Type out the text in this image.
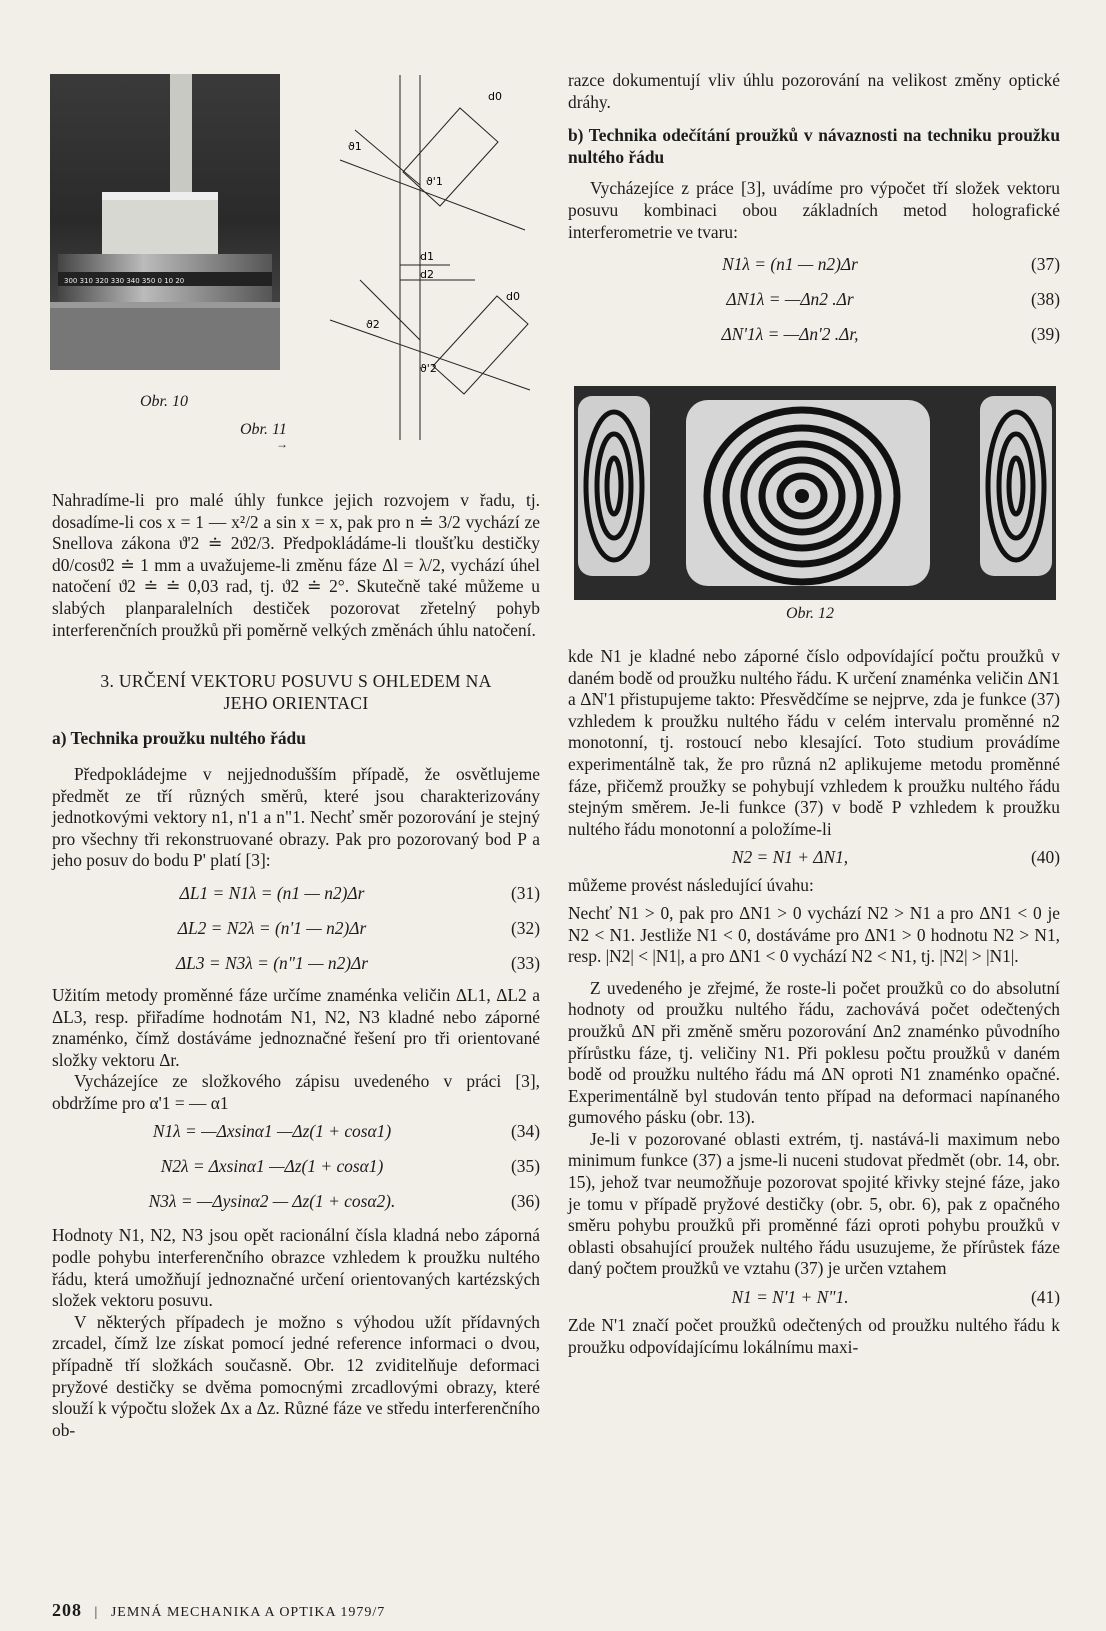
300 310 320 330 340 350 0 10 20
d0
ϑ1
ϑ'1
d1
d2
d0
ϑ2
ϑ'2
Obr. 10
Obr. 11
→
Obr. 12

Nahradíme-li pro malé úhly funkce jejich rozvojem v řadu, tj. dosadíme-li cos x = 1 — x²/2 a sin x = x, pak pro n ≐ 3/2 vychází ze Snellova zákona ϑ'2 ≐ 2ϑ2/3. Předpokládáme-li tloušťku destičky d0/cosϑ2 ≐ 1 mm a uvažujeme-li změnu fáze Δl = λ/2, vychází úhel natočení ϑ2 ≐ ≐ 0,03 rad, tj. ϑ2 ≐ 2°. Skutečně také můžeme u slabých planparalelních destiček pozorovat zřetelný pohyb interferenčních proužků při poměrně velkých změnách úhlu natočení.

3. URČENÍ VEKTORU POSUVU S OHLEDEM NA

JEHO ORIENTACI

a) Technika proužku nultého řádu

Předpokládejme v nejjednodušším případě, že osvětlujeme předmět ze tří různých směrů, které jsou charakterizovány jednotkovými vektory n1, n'1 a n"1. Nechť směr pozorování je stejný pro všechny tři rekonstruované obrazy. Pak pro pozorovaný bod P a jeho posuv do bodu P' platí [3]:

ΔL1 = N1λ = (n1 — n2)Δr	(31)
ΔL2 = N2λ = (n'1 — n2)Δr	(32)
ΔL3 = N3λ = (n"1 — n2)Δr	(33)

Užitím metody proměnné fáze určíme znaménka veličin ΔL1, ΔL2 a ΔL3, resp. přiřadíme hodnotám N1, N2, N3 kladné nebo záporné znaménko, čímž dostáváme jednoznačné řešení pro tři orientované složky vektoru Δr.

Vycházejíce ze složkového zápisu uvedeného v práci [3], obdržíme pro α'1 = — α1

N1λ = —Δxsinα1 —Δz(1 + cosα1)	(34)
N2λ = Δxsinα1 —Δz(1 + cosα1)	(35)
N3λ = —Δysinα2 — Δz(1 + cosα2).	(36)

Hodnoty N1, N2, N3 jsou opět racionální čísla kladná nebo záporná podle pohybu interferenčního obrazce vzhledem k proužku nultého řádu, která umožňují jednoznačné určení orientovaných kartézských složek vektoru posuvu.

V některých případech je možno s výhodou užít přídavných zrcadel, čímž lze získat pomocí jedné reference informaci o dvou, případně tří složkách současně. Obr. 12 zviditelňuje deformaci pryžové destičky se dvěma pomocnými zrcadlovými obrazy, které slouží k výpočtu složek Δx a Δz. Různé fáze ve středu interferenčního ob-

razce dokumentují vliv úhlu pozorování na velikost změny optické dráhy.

b) Technika odečítání proužků v návaznosti na techniku proužku nultého řádu

Vycházejíce z práce [3], uvádíme pro výpočet tří složek vektoru posuvu kombinaci obou základních metod holografické interferometrie ve tvaru:

N1λ = (n1 — n2)Δr	(37)
ΔN1λ = —Δn2 .Δr	(38)
ΔN'1λ = —Δn'2 .Δr,	(39)

kde N1 je kladné nebo záporné číslo odpovídající počtu proužků v daném bodě od proužku nultého řádu. K určení znaménka veličin ΔN1 a ΔN'1 přistupujeme takto: Přesvědčíme se nejprve, zda je funkce (37) vzhledem k proužku nultého řádu v celém intervalu proměnné n2 monotonní, tj. rostoucí nebo klesající. Toto studium provádíme experimentálně tak, že pro různá n2 aplikujeme metodu proměnné fáze, přičemž proužky se pohybují vzhledem k proužku nultého řádu stejným směrem. Je-li funkce (37) v bodě P vzhledem k proužku nultého řádu monotonní a položíme-li

N2 = N1 + ΔN1,	(40)

můžeme provést následující úvahu:

Nechť N1 > 0, pak pro ΔN1 > 0 vychází N2 > N1 a pro ΔN1 < 0 je N2 < N1. Jestliže N1 < 0, dostáváme pro ΔN1 > 0 hodnotu N2 > N1, resp. |N2| < |N1|, a pro ΔN1 < 0 vychází N2 < N1, tj. |N2| > |N1|.

Z uvedeného je zřejmé, že roste-li počet proužků co do absolutní hodnoty od proužku nultého řádu, zachovává počet odečtených proužků ΔN při změně směru pozorování Δn2 znaménko původního přírůstku fáze, tj. veličiny N1. Při poklesu počtu proužků v daném bodě od proužku nultého řádu má ΔN oproti N1 znaménko opačné. Experimentálně byl studován tento případ na deformaci napínaného gumového pásku (obr. 13).

Je-li v pozorované oblasti extrém, tj. nastává-li maximum nebo minimum funkce (37) a jsme-li nuceni studovat předmět (obr. 14, obr. 15), jehož tvar neumožňuje pozorovat spojité křivky stejné fáze, jako je tomu v případě pryžové destičky (obr. 5, obr. 6), pak z opačného směru pohybu proužků při proměnné fázi oproti pohybu proužků v oblasti obsahující proužek nultého řádu usuzujeme, že přírůstek fáze daný počtem proužků ve vztahu (37) je určen vztahem

N1 = N'1 + N"1.	(41)

Zde N'1 značí počet proužků odečtených od proužku nultého řádu k proužku odpovídajícímu lokálnímu maxi-

208 | JEMNÁ MECHANIKA A OPTIKA 1979/7
